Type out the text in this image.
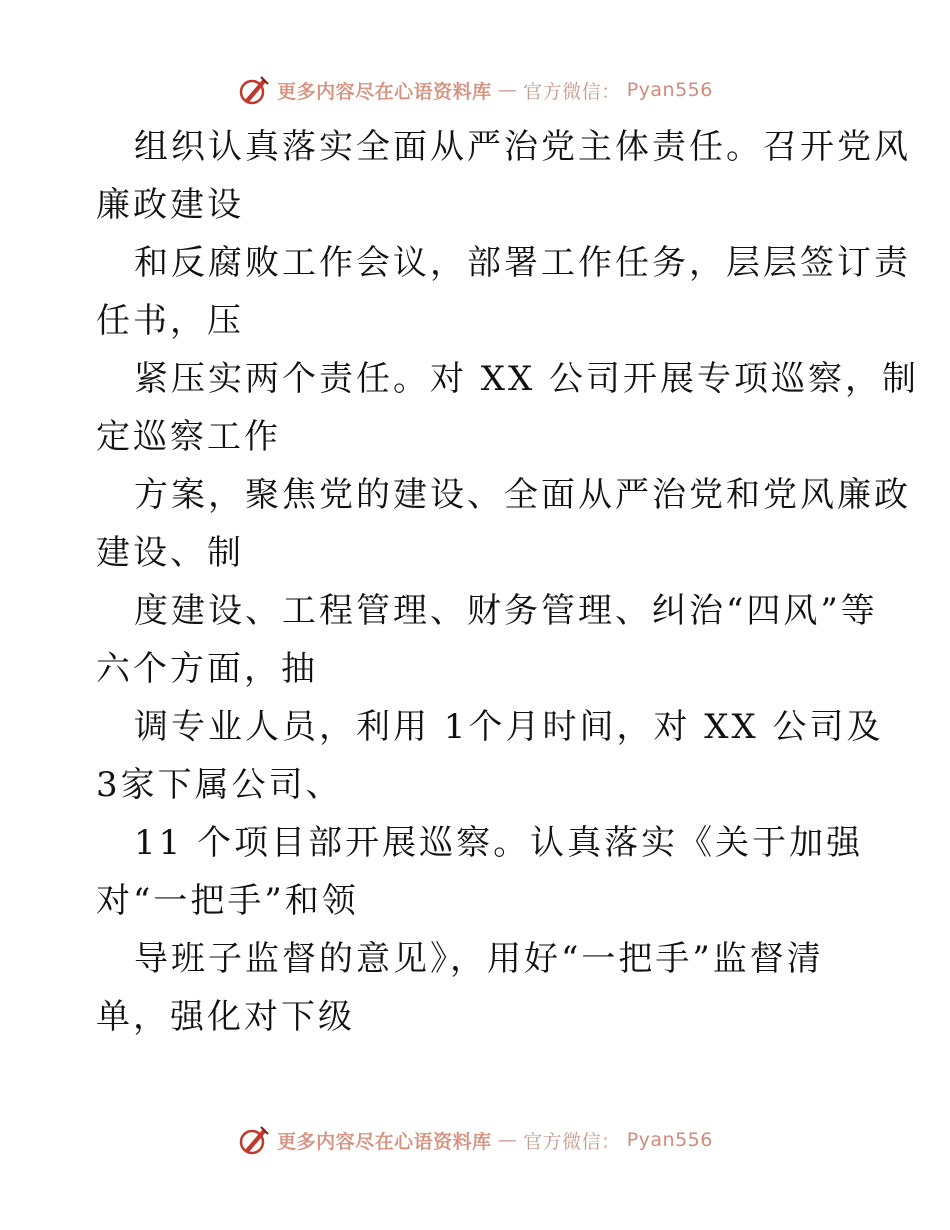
更多内容尽在心语资料库 — 官方微信： Pyan556
组织认真落实全面从严治党主体责任。召开党风
廉政建设
和反腐败工作会议，部署工作任务，层层签订责
任书，压
紧压实两个责任。对 XX 公司开展专项巡察，制
定巡察工作
方案，聚焦党的建设、全面从严治党和党风廉政
建设、制
度建设、工程管理、财务管理、纠治“四风”等
六个方面，抽
调专业人员，利用 1个月时间，对 XX 公司及
3家下属公司、
11 个项目部开展巡察。认真落实《关于加强
对“一把手”和领
导班子监督的意见》，用好“一把手”监督清
单，强化对下级
更多内容尽在心语资料库 — 官方微信： Pyan556
